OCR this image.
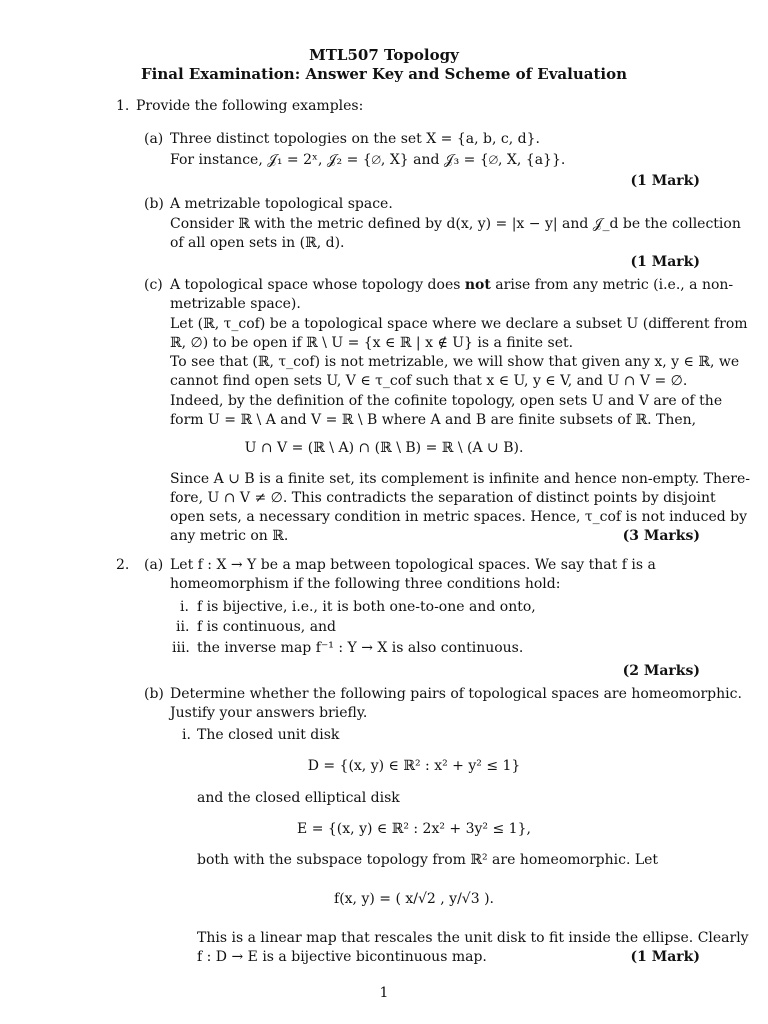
MTL507 Topology
Final Examination: Answer Key and Scheme of Evaluation
1. Provide the following examples:
(a) Three distinct topologies on the set X = {a, b, c, d}.
For instance, 𝒥₁ = 2ˣ, 𝒥₂ = {∅, X} and 𝒥₃ = {∅, X, {a}}.
(1 Mark)
(b) A metrizable topological space.
Consider ℝ with the metric defined by d(x, y) = |x − y| and 𝒥_d be the collection
of all open sets in (ℝ, d).
(1 Mark)
(c) A topological space whose topology does not arise from any metric (i.e., a non-
metrizable space).
Let (ℝ, τ_cof) be a topological space where we declare a subset U (different from
ℝ, ∅) to be open if ℝ \ U = {x ∈ ℝ | x ∉ U} is a finite set.
To see that (ℝ, τ_cof) is not metrizable, we will show that given any x, y ∈ ℝ, we
cannot find open sets U, V ∈ τ_cof such that x ∈ U, y ∈ V, and U ∩ V = ∅.
Indeed, by the definition of the cofinite topology, open sets U and V are of the
form U = ℝ \ A and V = ℝ \ B where A and B are finite subsets of ℝ. Then,
U ∩ V = (ℝ \ A) ∩ (ℝ \ B) = ℝ \ (A ∪ B).
Since A ∪ B is a finite set, its complement is infinite and hence non-empty. There-
fore, U ∩ V ≠ ∅. This contradicts the separation of distinct points by disjoint
open sets, a necessary condition in metric spaces. Hence, τ_cof is not induced by
any metric on ℝ.	(3 Marks)
2. (a) Let f : X → Y be a map between topological spaces. We say that f is a
homeomorphism if the following three conditions hold:
i. f is bijective, i.e., it is both one-to-one and onto,
ii. f is continuous, and
iii. the inverse map f⁻¹ : Y → X is also continuous.
(2 Marks)
(b) Determine whether the following pairs of topological spaces are homeomorphic.
Justify your answers briefly.
i. The closed unit disk
D = {(x, y) ∈ ℝ² : x² + y² ≤ 1}
and the closed elliptical disk
E = {(x, y) ∈ ℝ² : 2x² + 3y² ≤ 1},
both with the subspace topology from ℝ² are homeomorphic. Let
f(x, y) = ( x/√2 , y/√3 ).
This is a linear map that rescales the unit disk to fit inside the ellipse. Clearly
f : D → E is a bijective bicontinuous map.	(1 Mark)
1
